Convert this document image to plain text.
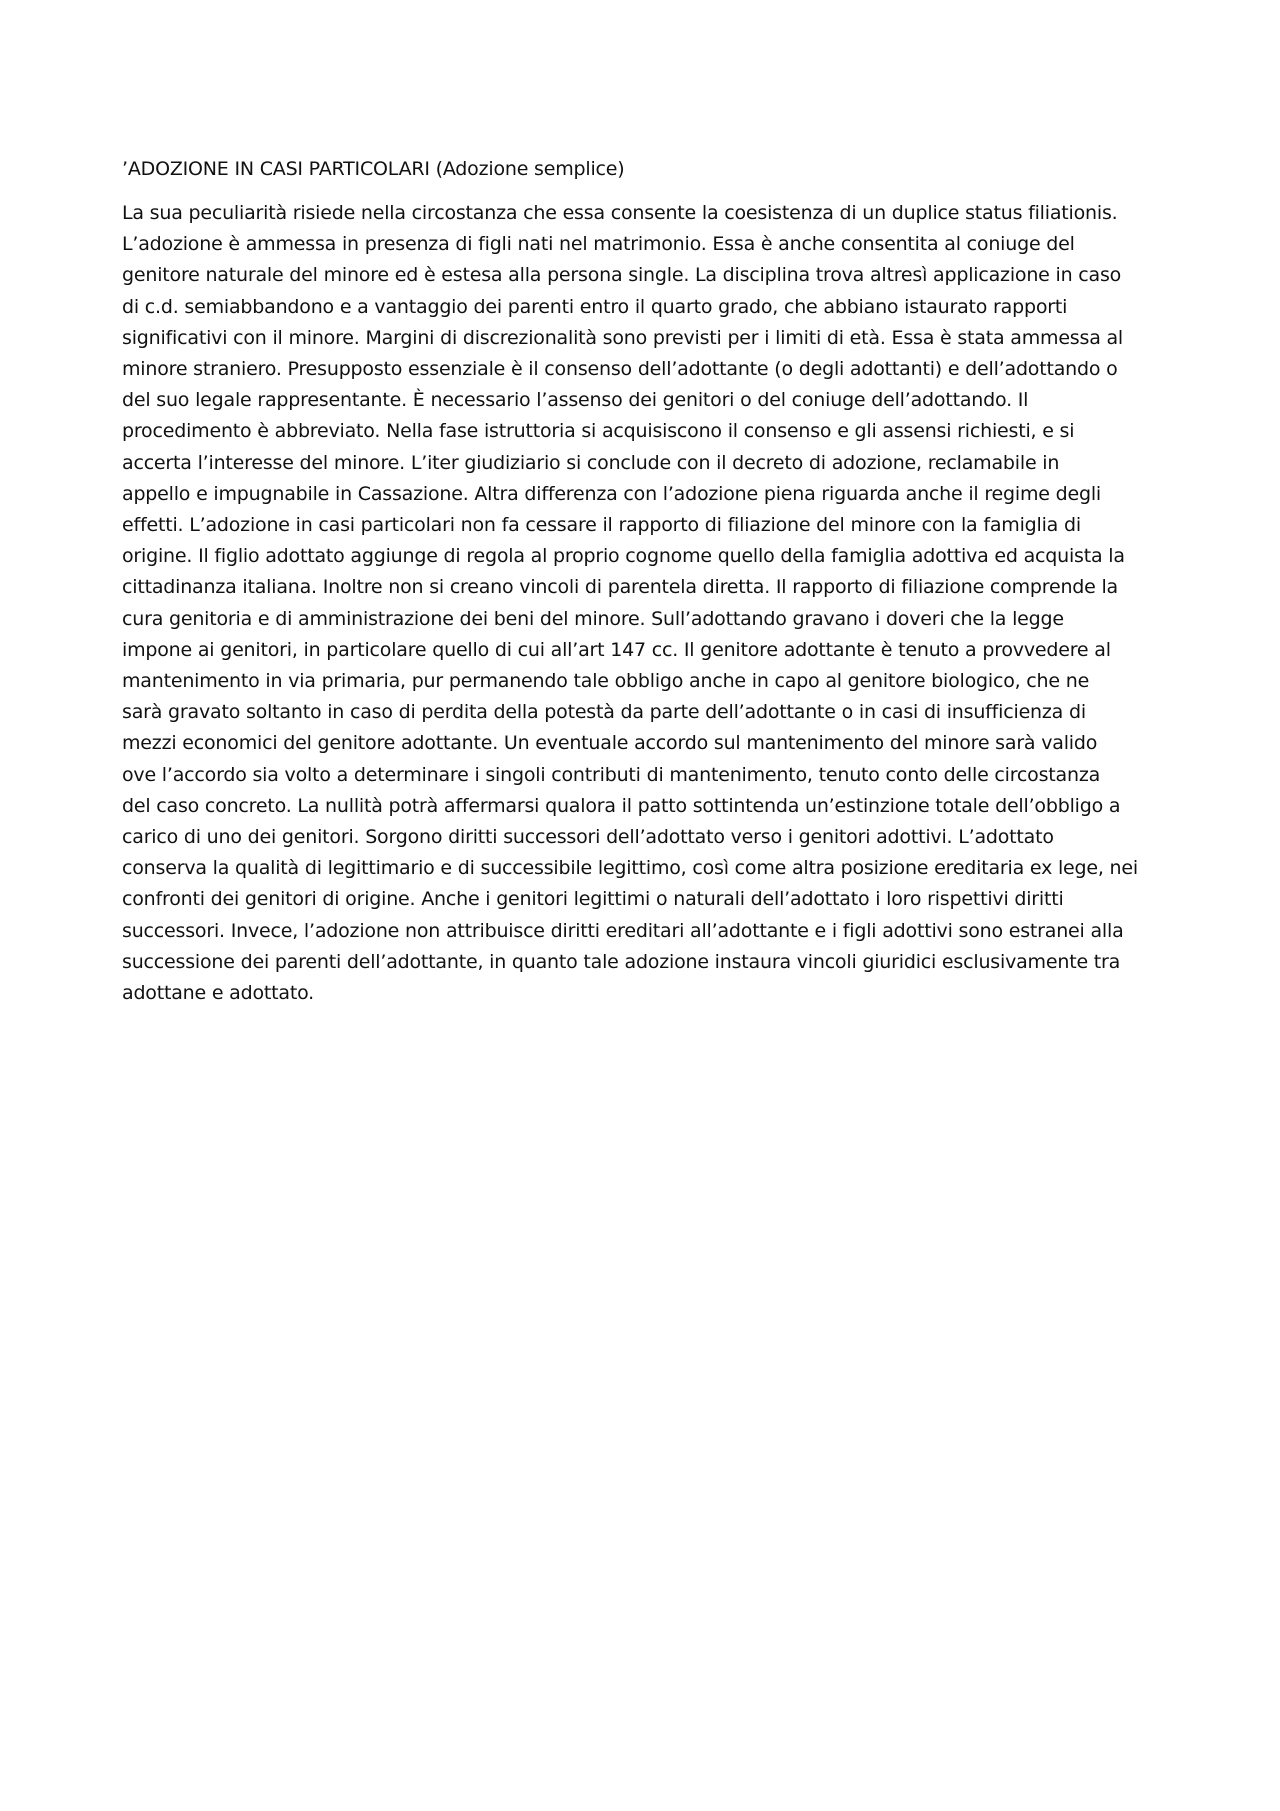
’ADOZIONE IN CASI PARTICOLARI (Adozione semplice)

La sua peculiarità risiede nella circostanza che essa consente la coesistenza di un duplice status filiationis.
L’adozione è ammessa in presenza di figli nati nel matrimonio. Essa è anche consentita al coniuge del
genitore naturale del minore ed è estesa alla persona single. La disciplina trova altresì applicazione in caso
di c.d. semiabbandono e a vantaggio dei parenti entro il quarto grado, che abbiano istaurato rapporti
significativi con il minore. Margini di discrezionalità sono previsti per i limiti di età. Essa è stata ammessa al
minore straniero. Presupposto essenziale è il consenso dell’adottante (o degli adottanti) e dell’adottando o
del suo legale rappresentante. È necessario l’assenso dei genitori o del coniuge dell’adottando. Il
procedimento è abbreviato. Nella fase istruttoria si acquisiscono il consenso e gli assensi richiesti, e si
accerta l’interesse del minore. L’iter giudiziario si conclude con il decreto di adozione, reclamabile in
appello e impugnabile in Cassazione. Altra differenza con l’adozione piena riguarda anche il regime degli
effetti. L’adozione in casi particolari non fa cessare il rapporto di filiazione del minore con la famiglia di
origine. Il figlio adottato aggiunge di regola al proprio cognome quello della famiglia adottiva ed acquista la
cittadinanza italiana. Inoltre non si creano vincoli di parentela diretta. Il rapporto di filiazione comprende la
cura genitoria e di amministrazione dei beni del minore. Sull’adottando gravano i doveri che la legge
impone ai genitori, in particolare quello di cui all’art 147 cc. Il genitore adottante è tenuto a provvedere al
mantenimento in via primaria, pur permanendo tale obbligo anche in capo al genitore biologico, che ne
sarà gravato soltanto in caso di perdita della potestà da parte dell’adottante o in casi di insufficienza di
mezzi economici del genitore adottante. Un eventuale accordo sul mantenimento del minore sarà valido
ove l’accordo sia volto a determinare i singoli contributi di mantenimento, tenuto conto delle circostanza
del caso concreto. La nullità potrà affermarsi qualora il patto sottintenda un’estinzione totale dell’obbligo a
carico di uno dei genitori. Sorgono diritti successori dell’adottato verso i genitori adottivi. L’adottato
conserva la qualità di legittimario e di successibile legittimo, così come altra posizione ereditaria ex lege, nei
confronti dei genitori di origine. Anche i genitori legittimi o naturali dell’adottato i loro rispettivi diritti
successori. Invece, l’adozione non attribuisce diritti ereditari all’adottante e i figli adottivi sono estranei alla
successione dei parenti dell’adottante, in quanto tale adozione instaura vincoli giuridici esclusivamente tra
adottane e adottato.
